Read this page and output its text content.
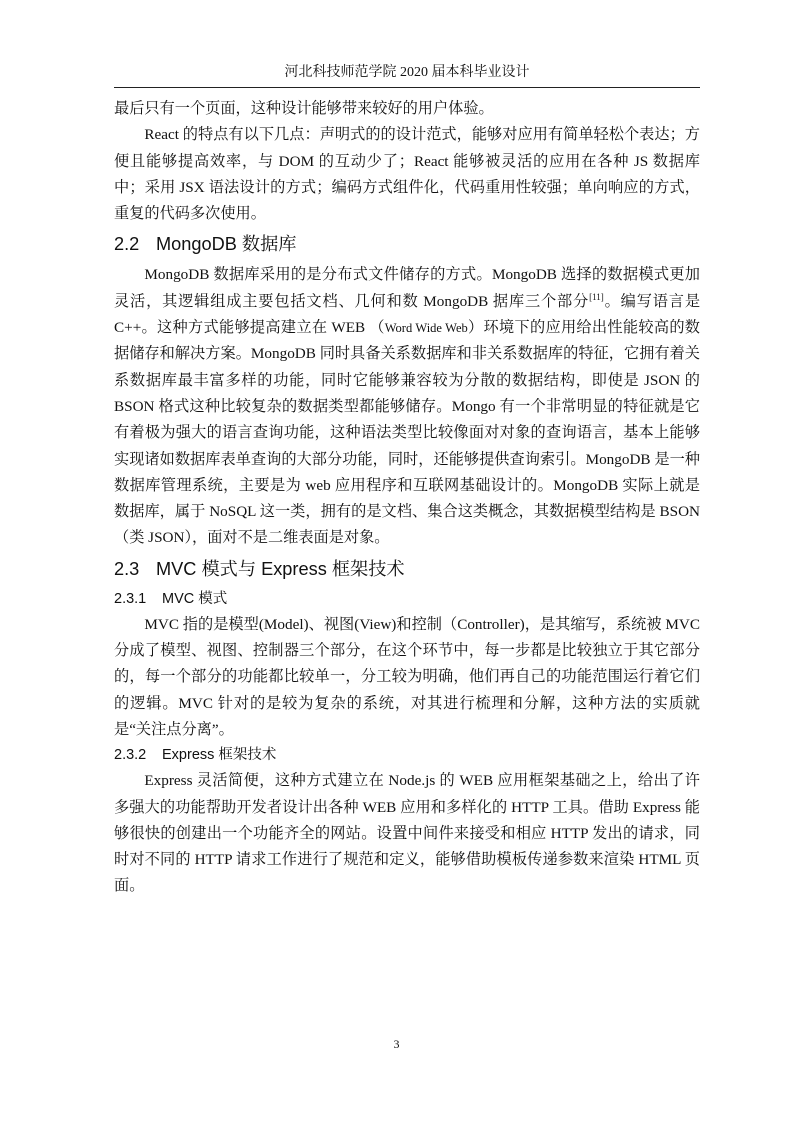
河北科技师范学院 2020 届本科毕业设计

最后只有一个页面，这种设计能够带来较好的用户体验。

React 的特点有以下几点：声明式的的设计范式，能够对应用有简单轻松个表达；方便且能够提高效率，与 DOM 的互动少了；React 能够被灵活的应用在各种 JS 数据库中；采用 JSX 语法设计的方式；编码方式组件化，代码重用性较强；单向响应的方式，重复的代码多次使用。

2.2 MongoDB 数据库

MongoDB 数据库采用的是分布式文件储存的方式。MongoDB 选择的数据模式更加灵活，其逻辑组成主要包括文档、几何和数 MongoDB 据库三个部分[11]。编写语言是 C++。这种方式能够提高建立在 WEB （Word Wide Web）环境下的应用给出性能较高的数据储存和解决方案。MongoDB 同时具备关系数据库和非关系数据库的特征，它拥有着关系数据库最丰富多样的功能，同时它能够兼容较为分散的数据结构，即使是 JSON 的 BSON 格式这种比较复杂的数据类型都能够储存。Mongo 有一个非常明显的特征就是它有着极为强大的语言查询功能，这种语法类型比较像面对对象的查询语言，基本上能够实现诸如数据库表单查询的大部分功能，同时，还能够提供查询索引。MongoDB 是一种数据库管理系统，主要是为 web 应用程序和互联网基础设计的。MongoDB 实际上就是数据库，属于 NoSQL 这一类，拥有的是文档、集合这类概念，其数据模型结构是 BSON（类 JSON），面对不是二维表面是对象。

2.3 MVC 模式与 Express 框架技术
2.3.1 MVC 模式

MVC 指的是模型(Model)、视图(View)和控制（Controller)，是其缩写，系统被 MVC 分成了模型、视图、控制器三个部分，在这个环节中，每一步都是比较独立于其它部分的，每一个部分的功能都比较单一，分工较为明确，他们再自己的功能范围运行着它们的逻辑。MVC 针对的是较为复杂的系统，对其进行梳理和分解，这种方法的实质就是“关注点分离”。

2.3.2 Express 框架技术

Express 灵活简便，这种方式建立在 Node.js 的 WEB 应用框架基础之上，给出了许多强大的功能帮助开发者设计出各种 WEB 应用和多样化的 HTTP 工具。借助 Express 能够很快的创建出一个功能齐全的网站。设置中间件来接受和相应 HTTP 发出的请求，同时对不同的 HTTP 请求工作进行了规范和定义，能够借助模板传递参数来渲染 HTML 页面。

3
